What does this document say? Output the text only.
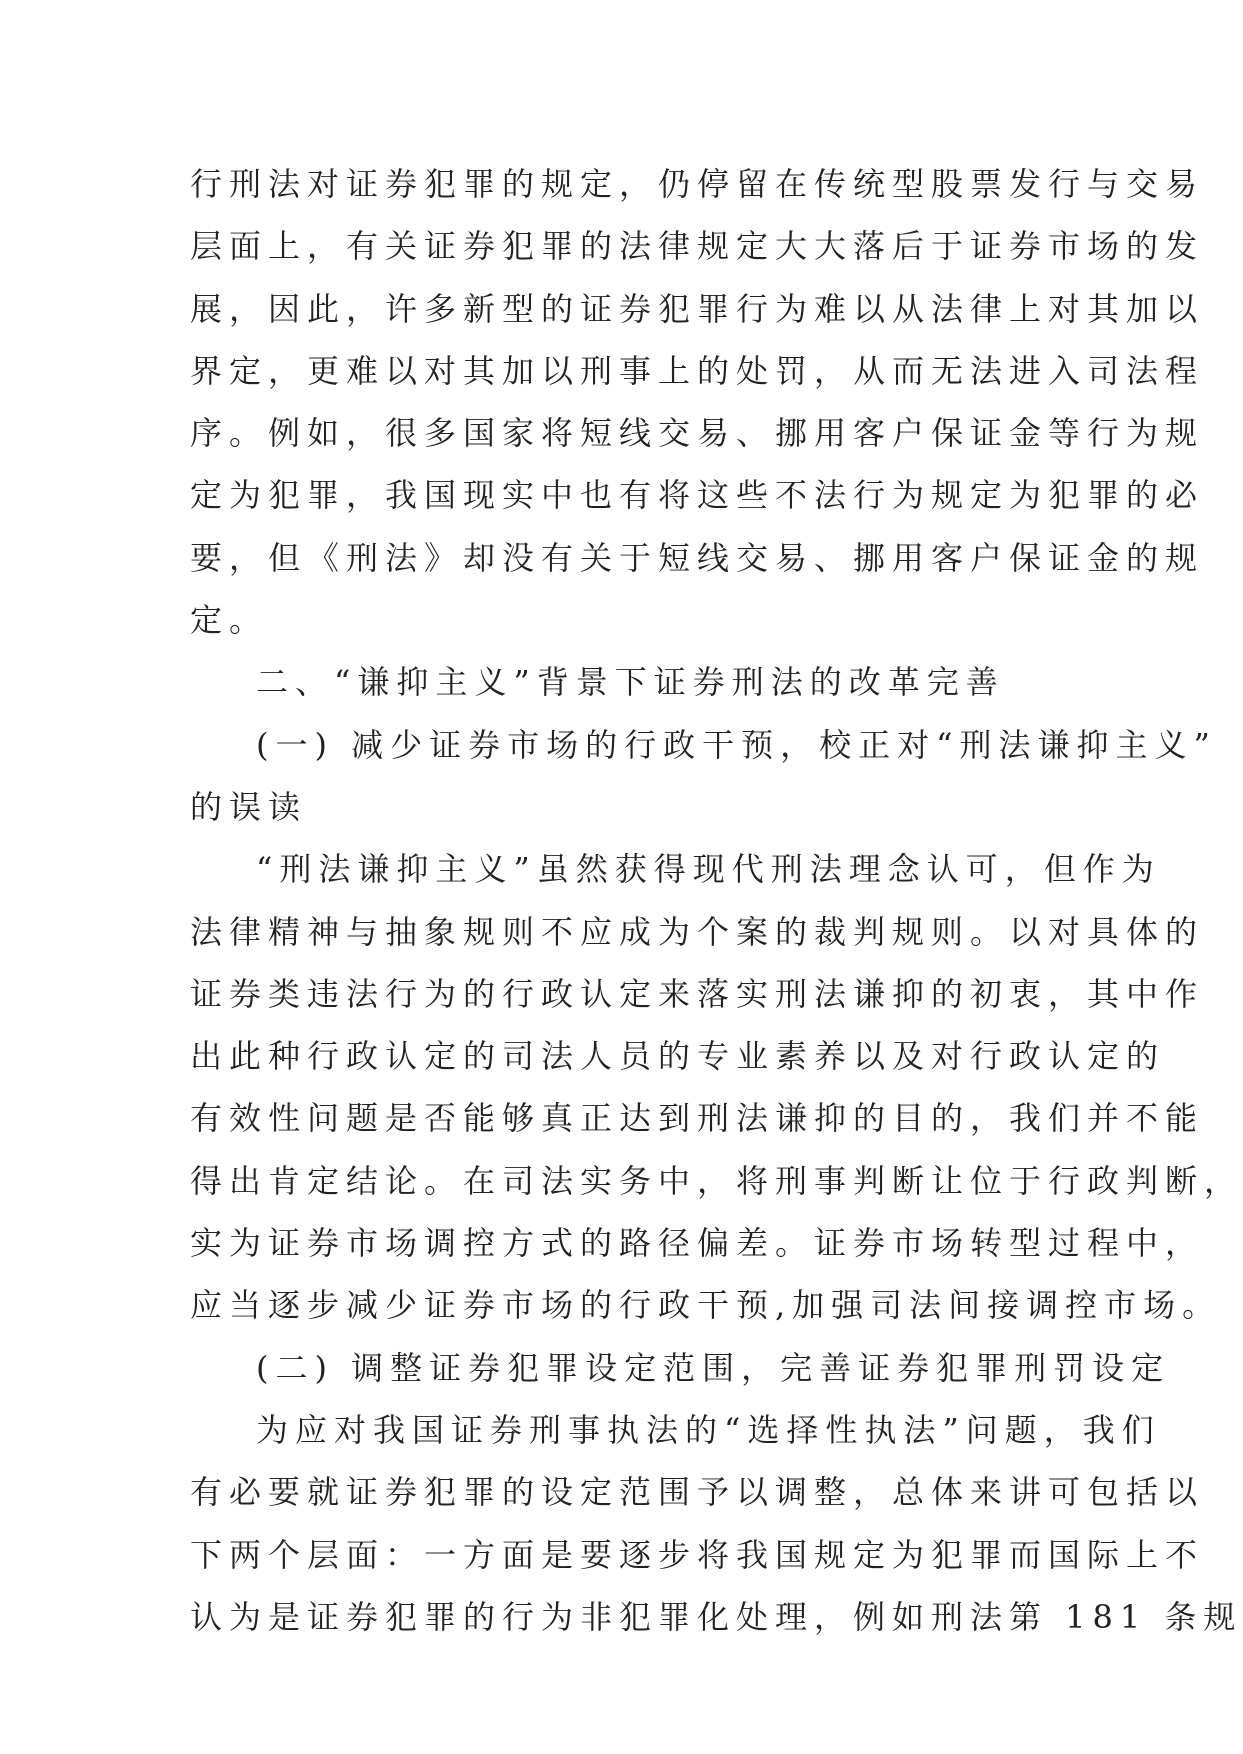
行刑法对证券犯罪的规定，仍停留在传统型股票发行与交易
层面上，有关证券犯罪的法律规定大大落后于证券市场的发
展，因此，许多新型的证券犯罪行为难以从法律上对其加以
界定，更难以对其加以刑事上的处罚，从而无法进入司法程
序。例如，很多国家将短线交易、挪用客户保证金等行为规
定为犯罪，我国现实中也有将这些不法行为规定为犯罪的必
要，但《刑法》却没有关于短线交易、挪用客户保证金的规
定。
二、“谦抑主义”背景下证券刑法的改革完善
(一) 减少证券市场的行政干预，校正对“刑法谦抑主义”
的误读
“刑法谦抑主义”虽然获得现代刑法理念认可，但作为
法律精神与抽象规则不应成为个案的裁判规则。以对具体的
证券类违法行为的行政认定来落实刑法谦抑的初衷，其中作
出此种行政认定的司法人员的专业素养以及对行政认定的
有效性问题是否能够真正达到刑法谦抑的目的，我们并不能
得出肯定结论。在司法实务中，将刑事判断让位于行政判断，
实为证券市场调控方式的路径偏差。证券市场转型过程中，
应当逐步减少证券市场的行政干预,加强司法间接调控市场。
(二) 调整证券犯罪设定范围，完善证券犯罪刑罚设定
为应对我国证券刑事执法的“选择性执法”问题，我们
有必要就证券犯罪的设定范围予以调整，总体来讲可包括以
下两个层面：一方面是要逐步将我国规定为犯罪而国际上不
认为是证券犯罪的行为非犯罪化处理，例如刑法第 181 条规
